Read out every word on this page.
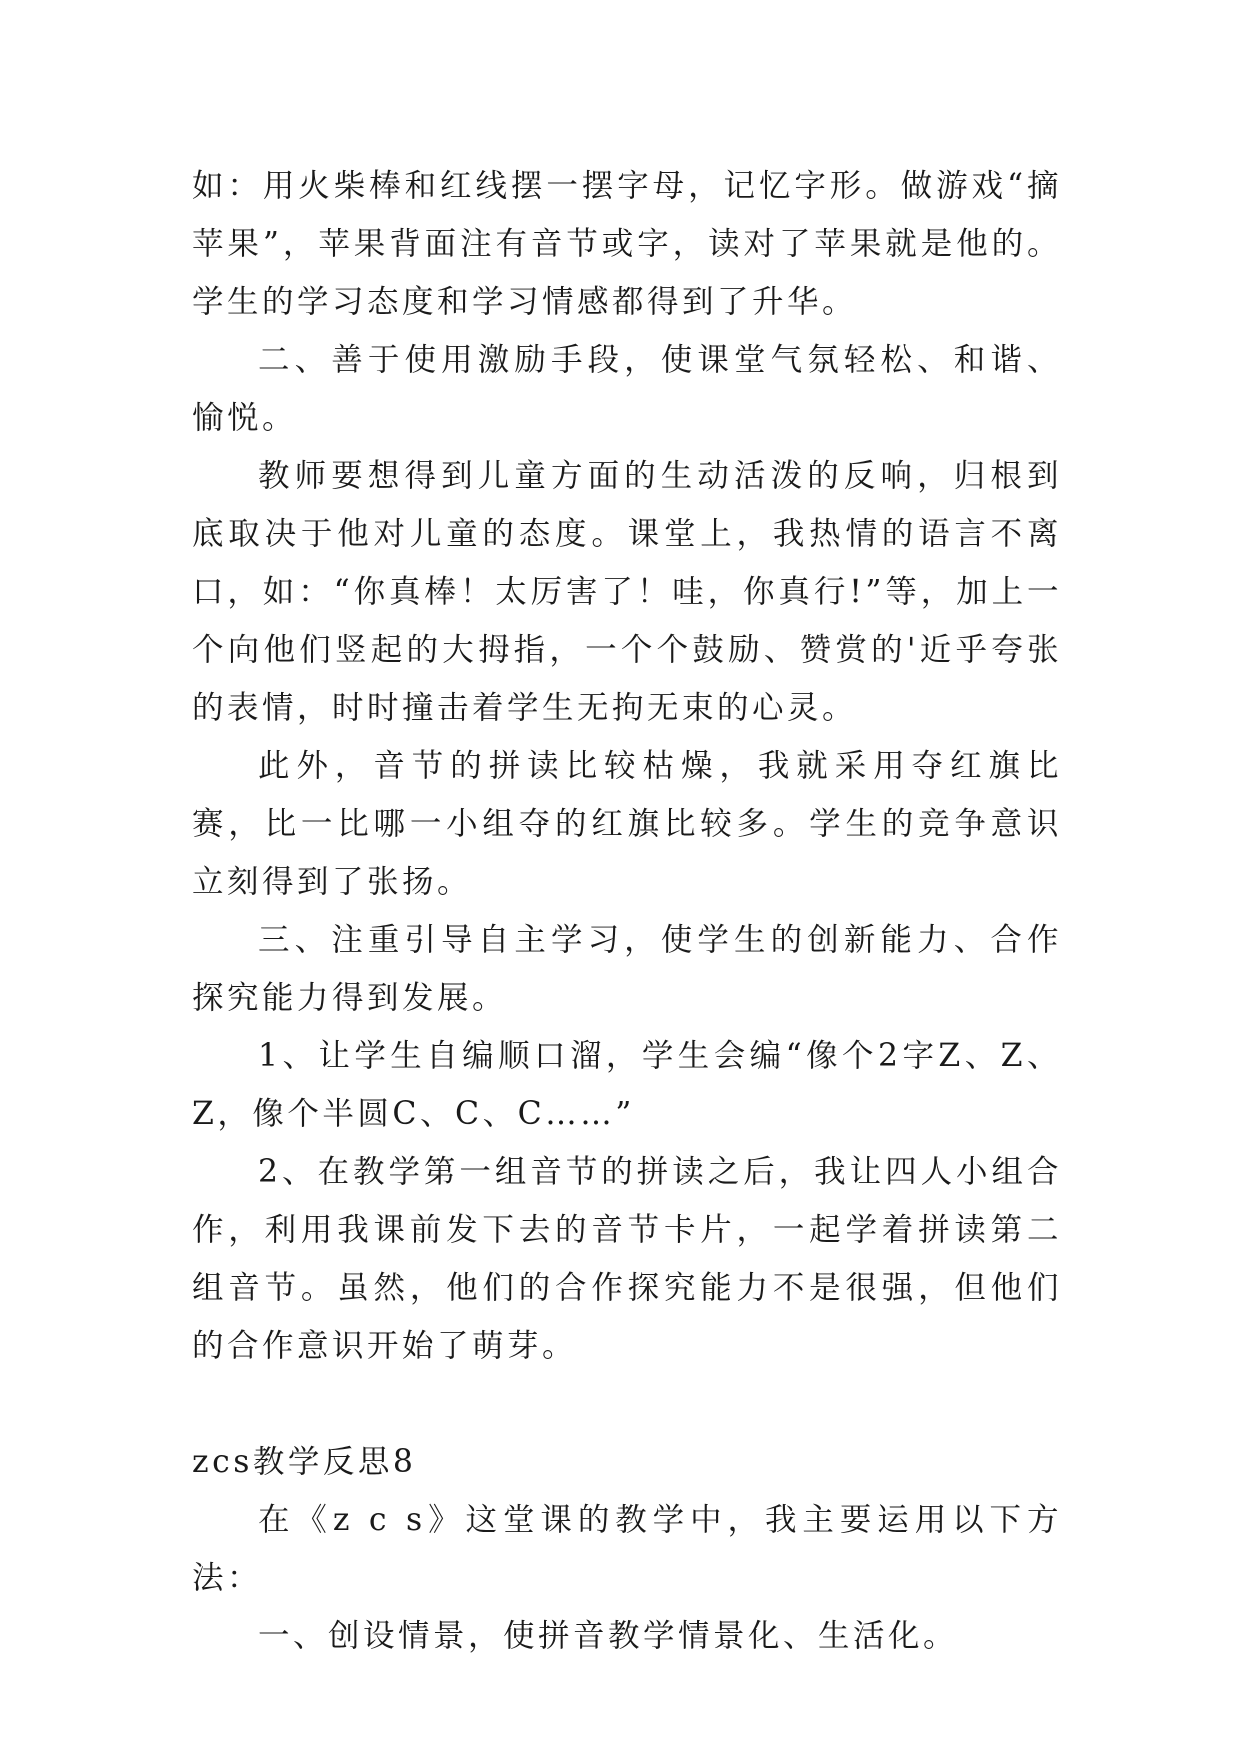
如：用火柴棒和红线摆一摆字母，记忆字形。做游戏“摘苹果”，苹果背面注有音节或字，读对了苹果就是他的。学生的学习态度和学习情感都得到了升华。

二、善于使用激励手段，使课堂气氛轻松、和谐、愉悦。

教师要想得到儿童方面的生动活泼的反响，归根到底取决于他对儿童的态度。课堂上，我热情的语言不离口，如：“你真棒！太厉害了！哇，你真行!”等，加上一个向他们竖起的大拇指，一个个鼓励、赞赏的'近乎夸张的表情，时时撞击着学生无拘无束的心灵。

此外，音节的拼读比较枯燥，我就采用夺红旗比赛，比一比哪一小组夺的红旗比较多。学生的竞争意识立刻得到了张扬。

三、注重引导自主学习，使学生的创新能力、合作探究能力得到发展。

1、让学生自编顺口溜，学生会编“像个2字Z、Z、Z，像个半圆C、C、C……”

2、在教学第一组音节的拼读之后，我让四人小组合作，利用我课前发下去的音节卡片，一起学着拼读第二组音节。虽然，他们的合作探究能力不是很强，但他们的合作意识开始了萌芽。

zcs教学反思8

在《z c s》这堂课的教学中，我主要运用以下方法：

一、创设情景，使拼音教学情景化、生活化。
